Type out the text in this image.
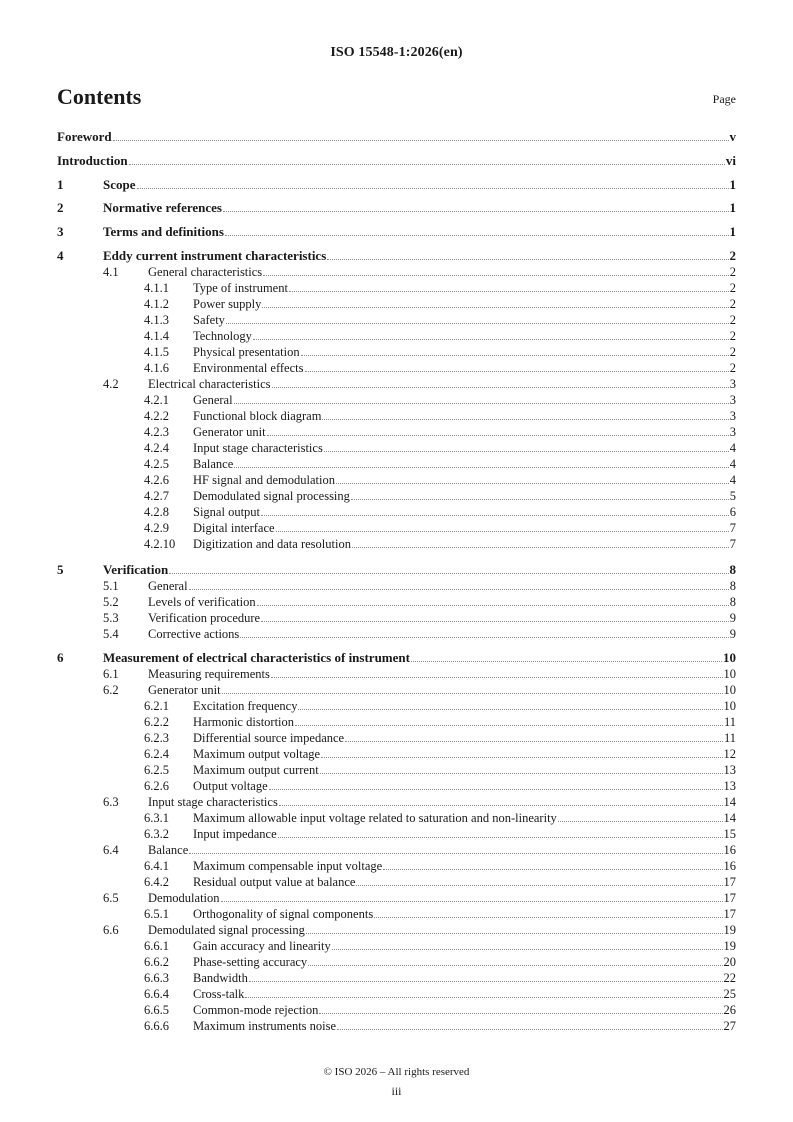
ISO 15548-1:2026(en)
Contents	Page
Foreword	v
Introduction	vi
1	Scope	1
2	Normative references	1
3	Terms and definitions	1
4	Eddy current instrument characteristics	2
4.1	General characteristics	2
4.1.1	Type of instrument	2
4.1.2	Power supply	2
4.1.3	Safety	2
4.1.4	Technology	2
4.1.5	Physical presentation	2
4.1.6	Environmental effects	2
4.2	Electrical characteristics	3
4.2.1	General	3
4.2.2	Functional block diagram	3
4.2.3	Generator unit	3
4.2.4	Input stage characteristics	4
4.2.5	Balance	4
4.2.6	HF signal and demodulation	4
4.2.7	Demodulated signal processing	5
4.2.8	Signal output	6
4.2.9	Digital interface	7
4.2.10	Digitization and data resolution	7
5	Verification	8
5.1	General	8
5.2	Levels of verification	8
5.3	Verification procedure	9
5.4	Corrective actions	9
6	Measurement of electrical characteristics of instrument	10
6.1	Measuring requirements	10
6.2	Generator unit	10
6.2.1	Excitation frequency	10
6.2.2	Harmonic distortion	11
6.2.3	Differential source impedance	11
6.2.4	Maximum output voltage	12
6.2.5	Maximum output current	13
6.2.6	Output voltage	13
6.3	Input stage characteristics	14
6.3.1	Maximum allowable input voltage related to saturation and non-linearity	14
6.3.2	Input impedance	15
6.4	Balance	16
6.4.1	Maximum compensable input voltage	16
6.4.2	Residual output value at balance	17
6.5	Demodulation	17
6.5.1	Orthogonality of signal components	17
6.6	Demodulated signal processing	19
6.6.1	Gain accuracy and linearity	19
6.6.2	Phase-setting accuracy	20
6.6.3	Bandwidth	22
6.6.4	Cross-talk	25
6.6.5	Common-mode rejection	26
6.6.6	Maximum instruments noise	27
© ISO 2026 – All rights reserved
iii
